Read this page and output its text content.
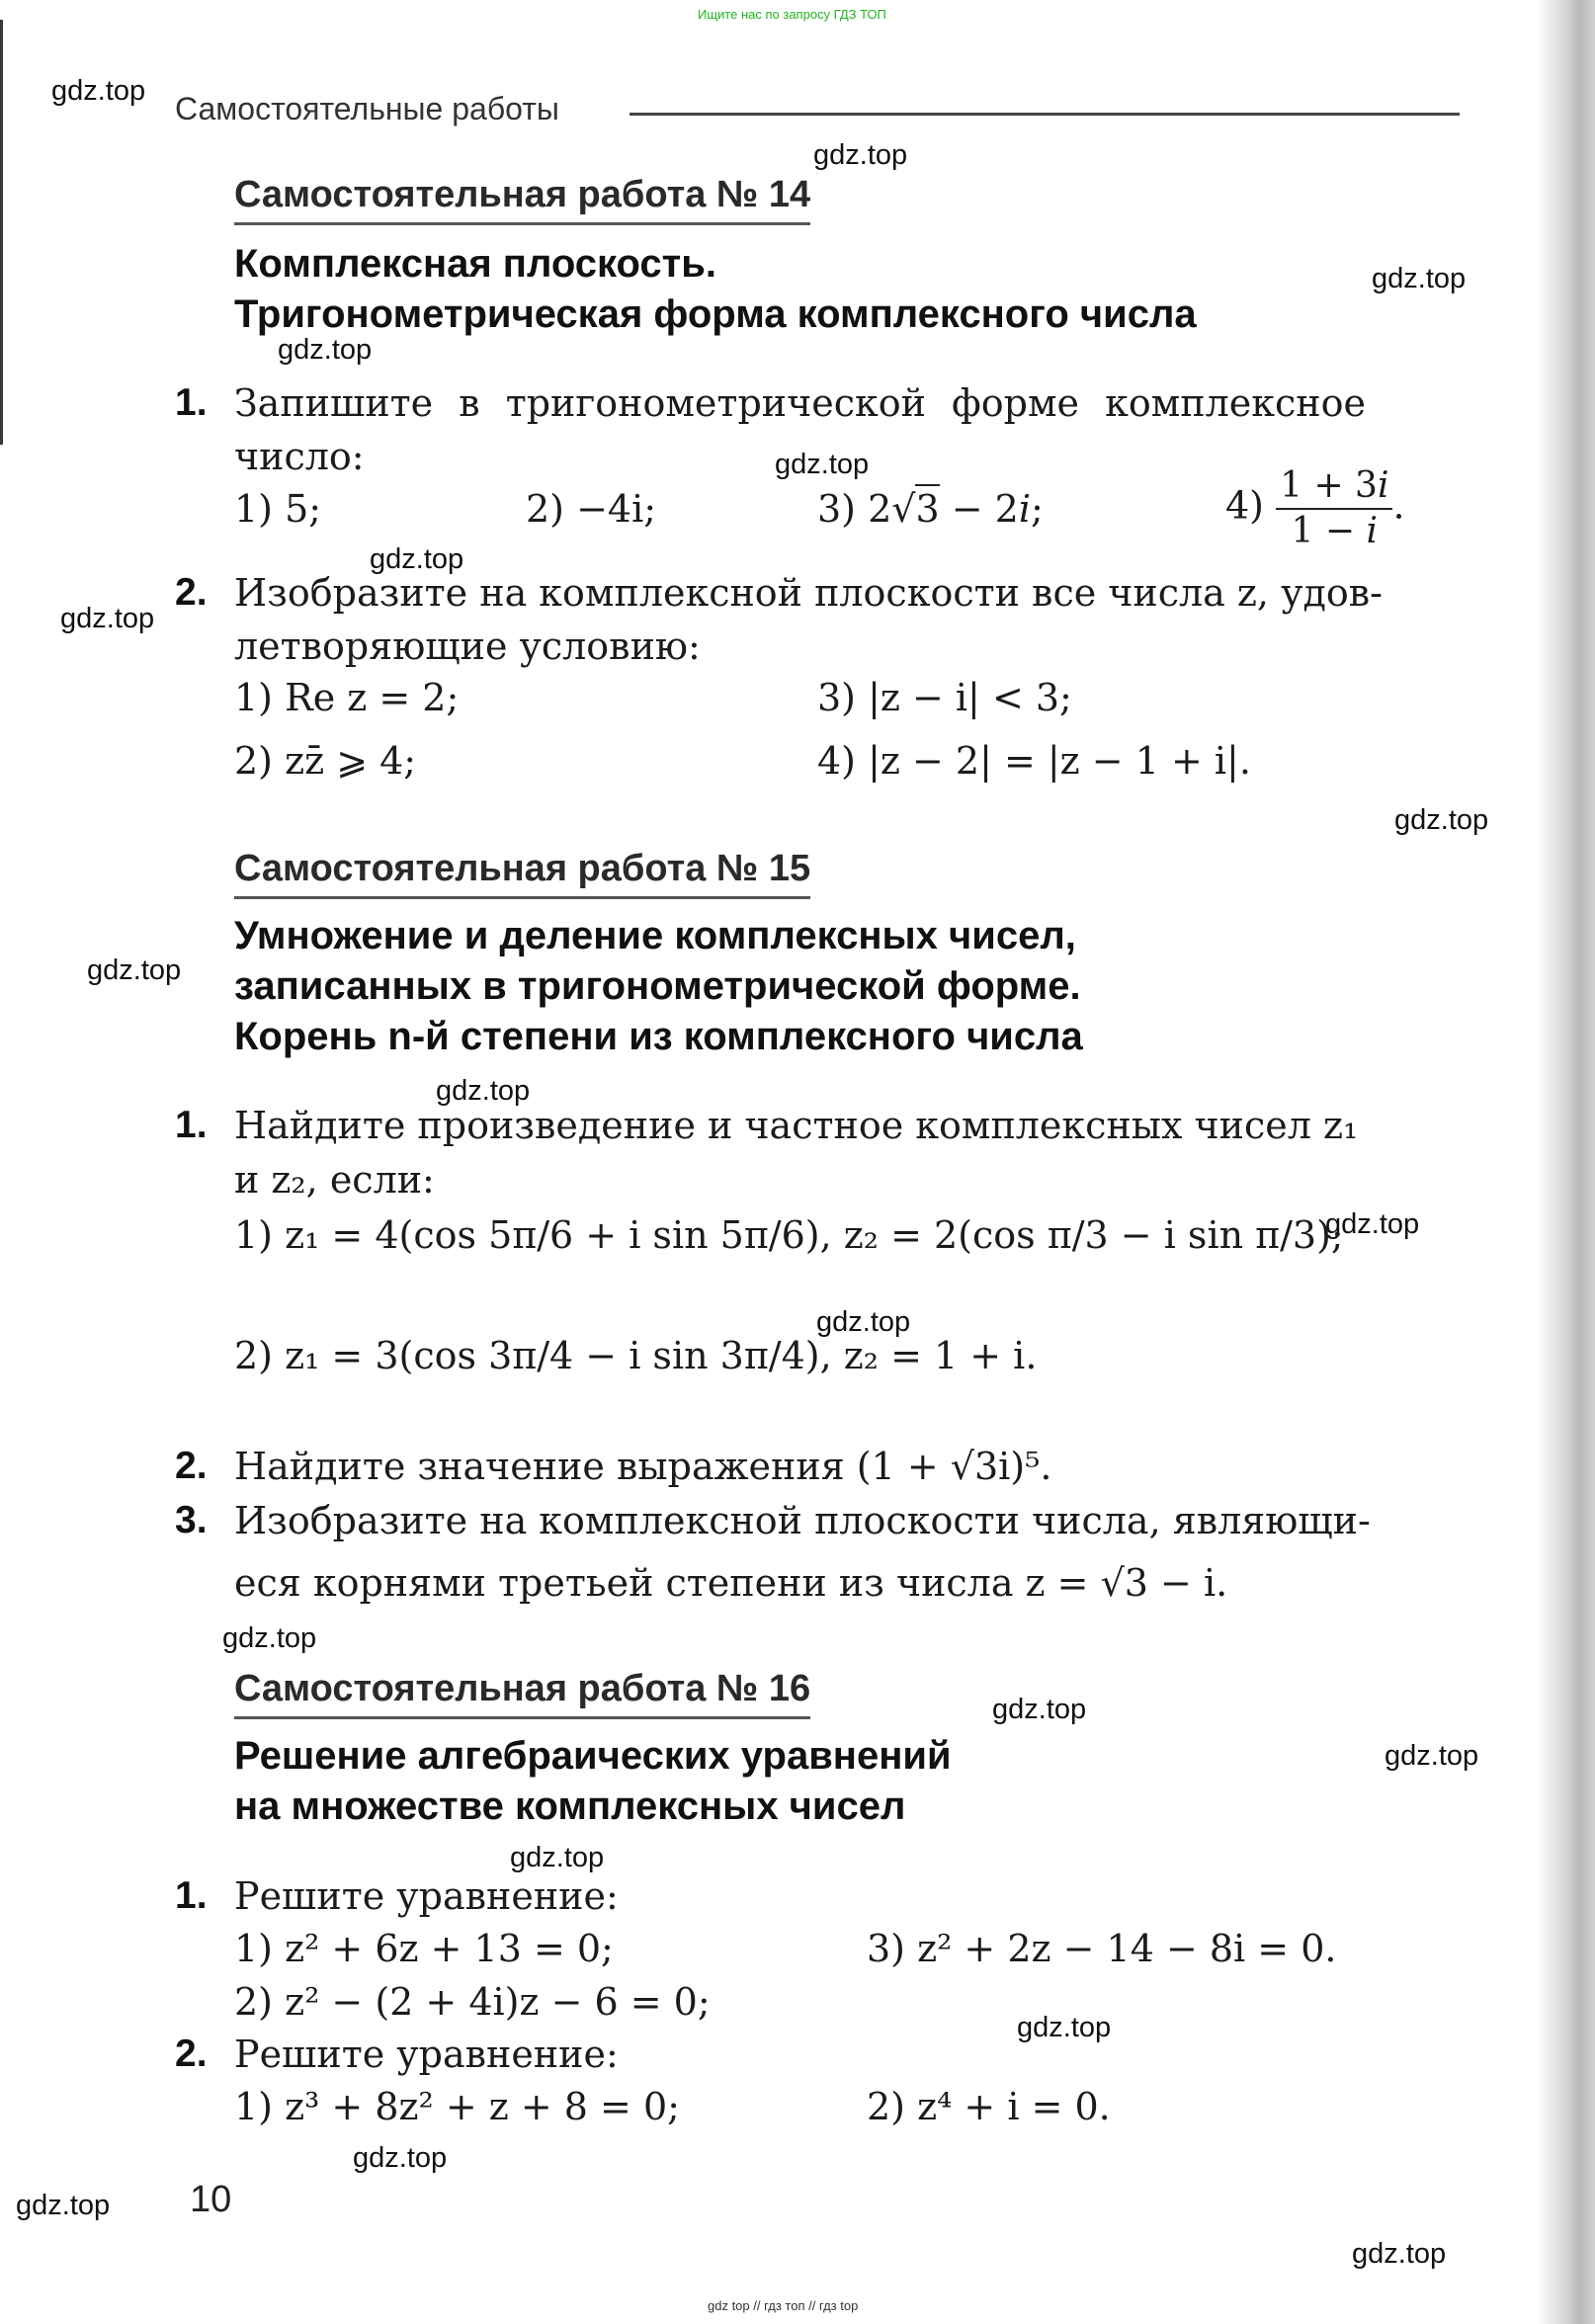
Ищите нас по запросу ГДЗ ТОП
gdz.top
gdz.top
gdz.top
gdz.top
gdz.top
gdz.top
gdz.top
gdz.top
gdz.top
gdz.top
gdz.top
gdz.top
gdz.top
gdz.top
gdz.top
gdz.top
gdz.top
gdz.top
gdz.top
gdz.top
Самостоятельные работы
Самостоятельная работа № 14
Комплексная плоскость.
Тригонометрическая форма комплексного числа
1. Запишите в тригонометрической форме комплексное
число:
1) 5;	2) −4i;	3) 2√3 − 2i;	$4) \frac{1 + 3i}{1 - i}$ .
2. Изобразите на комплексной плоскости все числа z, удов-
летворяющие условию:
1) Re z = 2;	3) |z − i| < 3;
2) zz̄ ⩾ 4;	4) |z − 2| = |z − 1 + i|.
Самостоятельная работа № 15
Умножение и деление комплексных чисел,
записанных в тригонометрической форме.
Корень n-й степени из комплексного числа
1. Найдите произведение и частное комплексных чисел z₁
и z₂, если:
1) z₁ = 4(cos 5π/6 + i sin 5π/6), z₂ = 2(cos π/3 − i sin π/3);
2) z₁ = 3(cos 3π/4 − i sin 3π/4), z₂ = 1 + i.
2. Найдите значение выражения (1 + √3i)⁵.
3. Изобразите на комплексной плоскости числа, являющи-
еся корнями третьей степени из числа z = √3 − i.
Самостоятельная работа № 16
Решение алгебраических уравнений
на множестве комплексных чисел
1. Решите уравнение:
1) z² + 6z + 13 = 0;	3) z² + 2z − 14 − 8i = 0.
2) z² − (2 + 4i)z − 6 = 0;
2. Решите уравнение:
1) z³ + 8z² + z + 8 = 0;	2) z⁴ + i = 0.
10
gdz top // гдз топ // гдз top
